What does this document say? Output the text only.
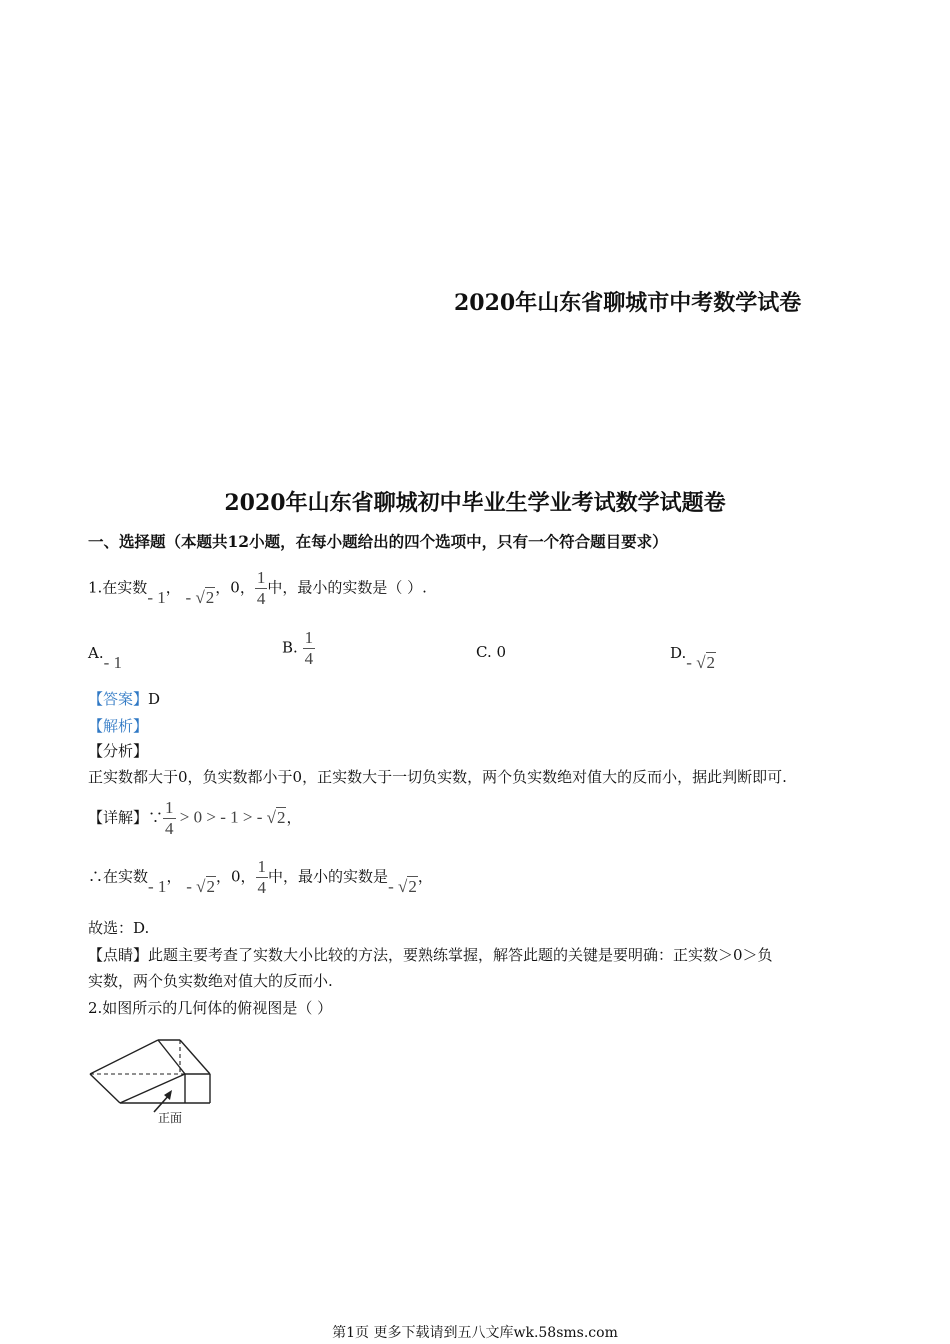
2020年山东省聊城市中考数学试卷
2020年山东省聊城初中毕业生学业考试数学试题卷
一、选择题（本题共12小题，在每小题给出的四个选项中，只有一个符合题目要求）
1.在实数- 1， - √2，0， $\frac{1}{4}$ 中，最小的实数是（ ）.
A.- 1
B. $\frac{1}{4}$	C. 0	D.- √2
【答案】D
【解析】
【分析】
正实数都大于0，负实数都小于0，正实数大于一切负实数，两个负实数绝对值大的反而小，据此判断即可.
【详解】∵ $\frac{1}{4} > 0$ > - 1 > - √2，
∴在实数- 1， - √2，0， $\frac{1}{4}$ 中，最小的实数是- √2，
故选：D.
【点睛】此题主要考查了实数大小比较的方法，要熟练掌握，解答此题的关键是要明确：正实数＞0＞负
实数，两个负实数绝对值大的反而小.
2.如图所示的几何体的俯视图是（ ）
正面
第1页 更多下载请到五八文库wk.58sms.com
